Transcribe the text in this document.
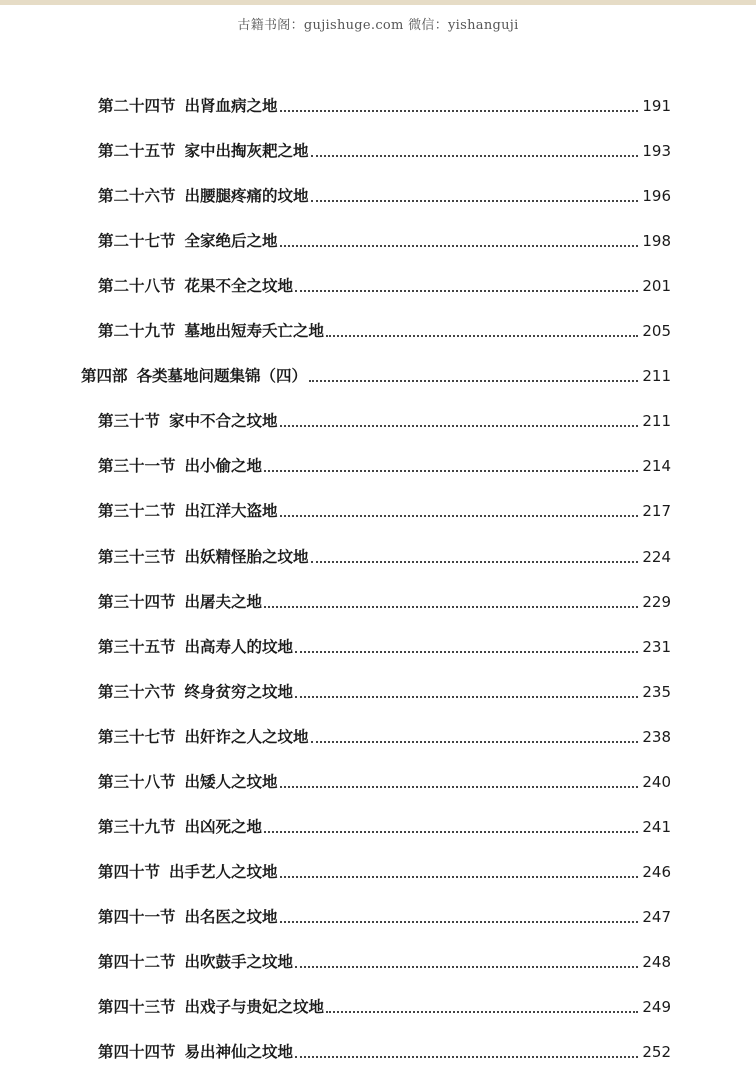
古籍书阁：gujishuge.com 微信：yishanguji
第二十四节 出肾血病之地	191
第二十五节 家中出掏灰耙之地	193
第二十六节 出腰腿疼痛的坟地	196
第二十七节 全家绝后之地	198
第二十八节 花果不全之坟地	201
第二十九节 墓地出短寿夭亡之地	205
第四部 各类墓地问题集锦（四）	211
第三十节 家中不合之坟地	211
第三十一节 出小偷之地	214
第三十二节 出江洋大盗地	217
第三十三节 出妖精怪胎之坟地	224
第三十四节 出屠夫之地	229
第三十五节 出高寿人的坟地	231
第三十六节 终身贫穷之坟地	235
第三十七节 出奸诈之人之坟地	238
第三十八节 出矮人之坟地	240
第三十九节 出凶死之地	241
第四十节 出手艺人之坟地	246
第四十一节 出名医之坟地	247
第四十二节 出吹鼓手之坟地	248
第四十三节 出戏子与贵妃之坟地	249
第四十四节 易出神仙之坟地	252
